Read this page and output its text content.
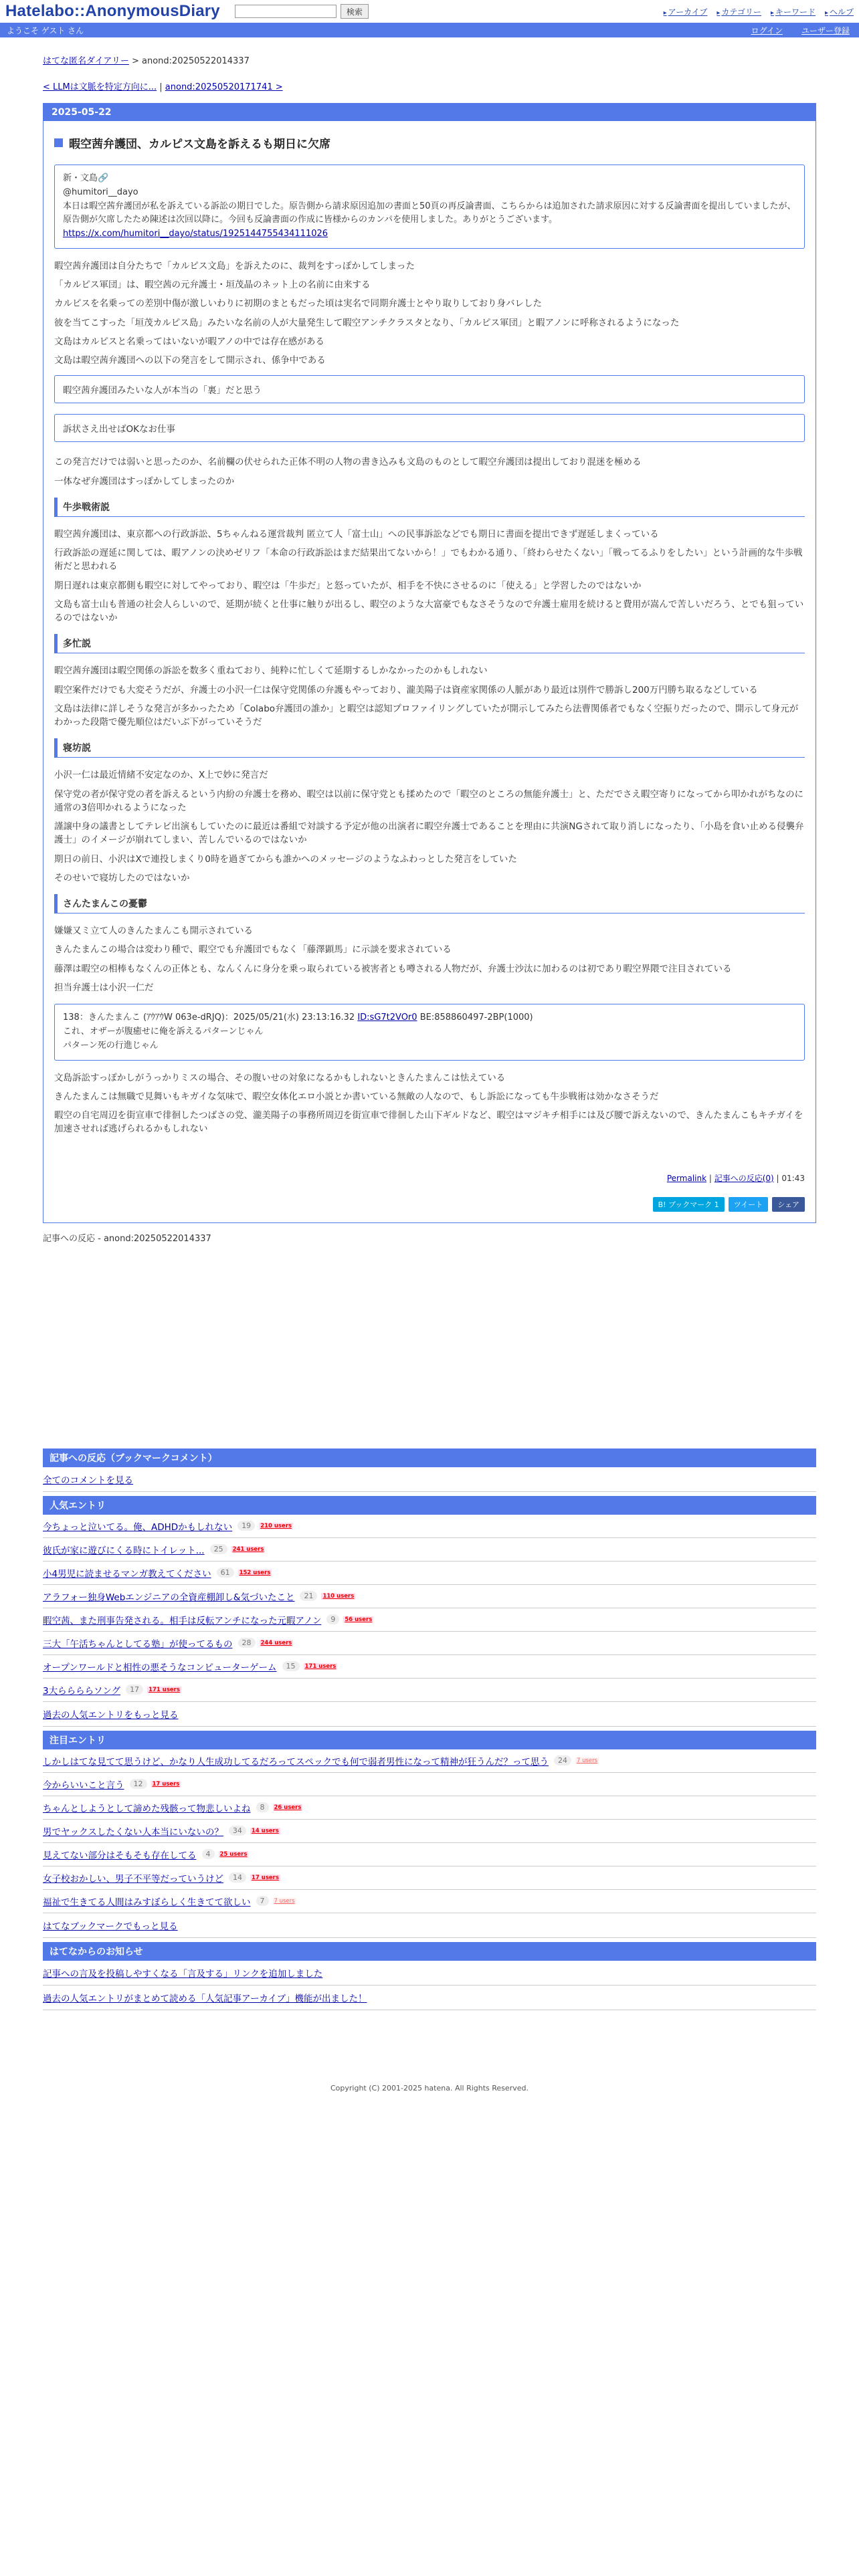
Hatelabo::AnonymousDiary	検索	▸ アーカイブ ▸ カテゴリー ▸ キーワード ▸ ヘルプ
ようこそ ゲスト さん	ログイン ユーザー登録
はてな匿名ダイアリー > anond:20250522014337
< LLMは文脈を特定方向に... | anond:20250520171741 >
2025-05-22
暇空茜弁護団、カルピス文島を訴えるも期日に欠席
新・文島🔗
@humitori__dayo
本日は暇空茜弁護団が私を訴えている訴訟の期日でした。原告側から請求原因追加の書面と50頁の再反論書面、こちらからは追加された請求原因に対する反論書面を提出していましたが、原告側が欠席したため陳述は次回以降に。今回も反論書面の作成に皆様からのカンパを使用しました。ありがとうございます。
https://x.com/humitori__dayo/status/1925144755434111026

暇空茜弁護団は自分たちで「カルピス文島」を訴えたのに、裁判をすっぽかしてしまった

「カルピス軍団」は、暇空茜の元弁護士・垣茂晶のネット上の名前に由来する

カルピスを名乗っての差別中傷が激しいわりに初期のまともだった頃は実名で同期弁護士とやり取りしており身バレした

彼を当てこすった「垣茂カルピス島」みたいな名前の人が大量発生して暇空アンチクラスタとなり、「カルピス軍団」と暇アノンに呼称されるようになった

文島はカルピスと名乗ってはいないが暇アノの中では存在感がある

文島は暇空茜弁護団への以下の発言をして開示され、係争中である

暇空茜弁護団みたいな人が本当の「裏」だと思う
訴状さえ出せばOKなお仕事

この発言だけでは弱いと思ったのか、名前欄の伏せられた正体不明の人物の書き込みも文島のものとして暇空弁護団は提出しており混迷を極める

一体なぜ弁護団はすっぽかしてしまったのか

牛歩戦術説

暇空茜弁護団は、東京都への行政訴訟、5ちゃんねる運営裁判 匿立て人「富士山」への民事訴訟などでも期日に書面を提出できず遅延しまくっている

行政訴訟の遅延に関しては、暇アノンの決めゼリフ「本命の行政訴訟はまだ結果出てないから！」でもわかる通り、「終わらせたくない」「戦ってるふりをしたい」という計画的な牛歩戦術だと思われる

期日遅れは東京都側も暇空に対してやっており、暇空は「牛歩だ」と怒っていたが、相手を不快にさせるのに「使える」と学習したのではないか

文島も富士山も普通の社会人らしいので、延期が続くと仕事に触りが出るし、暇空のような大富豪でもなさそうなので弁護士雇用を続けると費用が嵩んで苦しいだろう、とでも狙っているのではないか

多忙説

暇空茜弁護団は暇空関係の訴訟を数多く重ねており、純粋に忙しくて延期するしかなかったのかもしれない

暇空案件だけでも大変そうだが、弁護士の小沢一仁は保守党関係の弁護もやっており、瀧美陽子は資産家関係の人脈があり最近は別件で勝訴し200万円勝ち取るなどしている

文島は法律に詳しそうな発言が多かったため「Colabo弁護団の誰か」と暇空は認知プロファイリングしていたが開示してみたら法曹関係者でもなく空振りだったので、開示して身元がわかった段階で優先順位はだいぶ下がっていそうだ

寝坊説

小沢一仁は最近情緒不安定なのか、X上で妙に発言だ

保守党の者が保守党の者を訴えるという内紛の弁護士を務め、暇空は以前に保守党とも揉めたので「暇空のところの無能弁護士」と、ただでさえ暇空寄りになってから叩かれがちなのに通常の3倍叩かれるようになった

謹譲中身の議書としてテレビ出演もしていたのに最近は番組で対談する予定が他の出演者に暇空弁護士であることを理由に共演NGされて取り消しになったり、「小島を食い止める侵襲弁護士」のイメージが崩れてしまい、苦しんでいるのではないか

期日の前日、小沢はXで連投しまくり0時を過ぎてからも誰かへのメッセージのようなふわっとした発言をしていた

そのせいで寝坊したのではないか

さんたまんこの憂鬱

嫌嫌又ミ立て人のきんたまんこも開示されている

きんたまんこの場合は変わり種で、暇空でも弁護団でもなく「藤澤顕馬」に示談を要求されている

藤澤は暇空の相棒もなくんの正体とも、なんくんに身分を乗っ取られている被害者とも噂される人物だが、弁護士沙汰に加わるのは初であり暇空界隈で注目されている

担当弁護士は小沢一仁だ

138：きんたまんこ (ｱｳｱｳW 063e-dRJQ)：2025/05/21(水) 23:13:16.32 ID:sG7t2VOr0 BE:858860497-2BP(1000)
これ、オザーが腹癒せに俺を訴えるパターンじゃん
パターン死の行進じゃん

文島訴訟すっぽかしがうっかりミスの場合、その腹いせの対象になるかもしれないときんたまんこは怯えている

きんたまんこは無職で見舞いもキガイな気味で、暇空女体化エロ小説とか書いている無敵の人なので、もし訴訟になっても牛歩戦術は効かなさそうだ

暇空の自宅周辺を街宣車で徘徊したつばさの党、瀧美陽子の事務所周辺を街宣車で徘徊した山下ギルドなど、暇空はマジキチ相手には及び腰で訴えないので、きんたまんこもキチガイを加速させれば逃げられるかもしれない

Permalink | 記事への反応(0) | 01:43
B! ブックマーク 1	ツイート	シェア
記事への反応 - anond:20250522014337
記事への反応（ブックマークコメント）
全てのコメントを見る
人気エントリ
今ちょっと泣いてる。俺、ADHDかもしれない	19	210 users
彼氏が家に遊びにくる時にトイレット...	25	241 users
小4男児に読ませるマンガ教えてください	61	152 users
アラフォー独身Webエンジニアの全資産棚卸し&気づいたこと	21	110 users
暇空茜、また刑事告発される。相手は反転アンチになった元暇アノン	9	56 users
三大「午活ちゃんとしてる塾」が使ってるもの	28	244 users
オープンワールドと相性の悪そうなコンピューターゲーム	15	171 users
3大ららららソング	17	171 users
過去の人気エントリをもっと見る
注目エントリ
しかしはてな見てて思うけど、かなり人生成功してるだろってスペックでも何で弱者男性になって精神が狂うんだ？って思う	24	7 users
今からいいこと言う	12	17 users
ちゃんとしようとして諦めた残骸って物悲しいよね	8	26 users
男でヤックスしたくない人本当にいないの？	34	14 users
見えてない部分はそもそも存在してる	4	25 users
女子校おかしい、男子不平等だっていうけど	14	17 users
福祉で生きてる人間はみすぼらしく生きてて欲しい	7	7 users
はてなブックマークでもっと見る
はてなからのお知らせ
記事への言及を投稿しやすくなる「言及する」リンクを追加しました
過去の人気エントリがまとめて読める「人気記事アーカイブ」機能が出ました！
Copyright (C) 2001-2025 hatena. All Rights Reserved.
